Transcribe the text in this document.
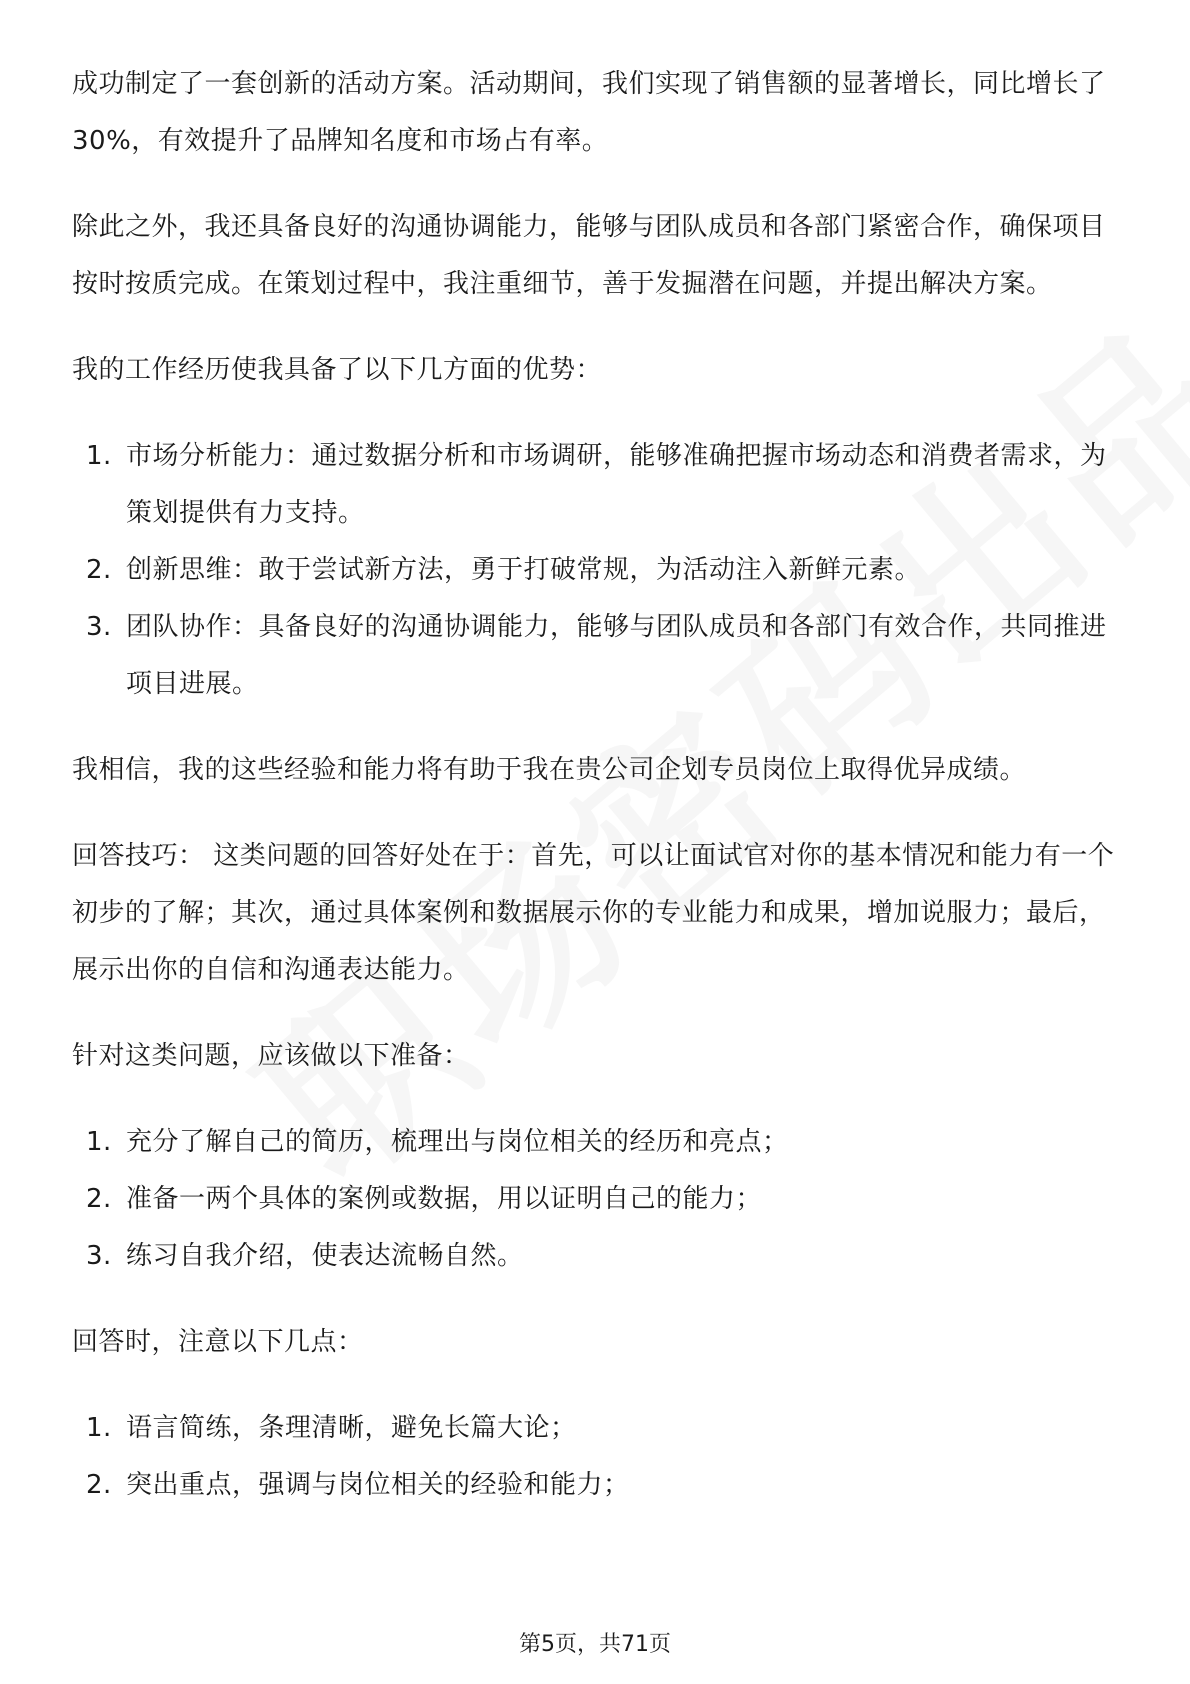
成功制定了一套创新的活动方案。活动期间，我们实现了销售额的显著增长，同比增长了30%，有效提升了品牌知名度和市场占有率。

除此之外，我还具备良好的沟通协调能力，能够与团队成员和各部门紧密合作，确保项目按时按质完成。在策划过程中，我注重细节，善于发掘潜在问题，并提出解决方案。

我的工作经历使我具备了以下几方面的优势：

1. 市场分析能力：通过数据分析和市场调研，能够准确把握市场动态和消费者需求，为策划提供有力支持。
2. 创新思维：敢于尝试新方法，勇于打破常规，为活动注入新鲜元素。
3. 团队协作：具备良好的沟通协调能力，能够与团队成员和各部门有效合作，共同推进项目进展。

我相信，我的这些经验和能力将有助于我在贵公司企划专员岗位上取得优异成绩。

回答技巧： 这类问题的回答好处在于：首先，可以让面试官对你的基本情况和能力有一个初步的了解；其次，通过具体案例和数据展示你的专业能力和成果，增加说服力；最后，展示出你的自信和沟通表达能力。

针对这类问题，应该做以下准备：

1. 充分了解自己的简历，梳理出与岗位相关的经历和亮点；
2. 准备一两个具体的案例或数据，用以证明自己的能力；
3. 练习自我介绍，使表达流畅自然。

回答时，注意以下几点：

1. 语言简练，条理清晰，避免长篇大论；
2. 突出重点，强调与岗位相关的经验和能力；
第5页，共71页
